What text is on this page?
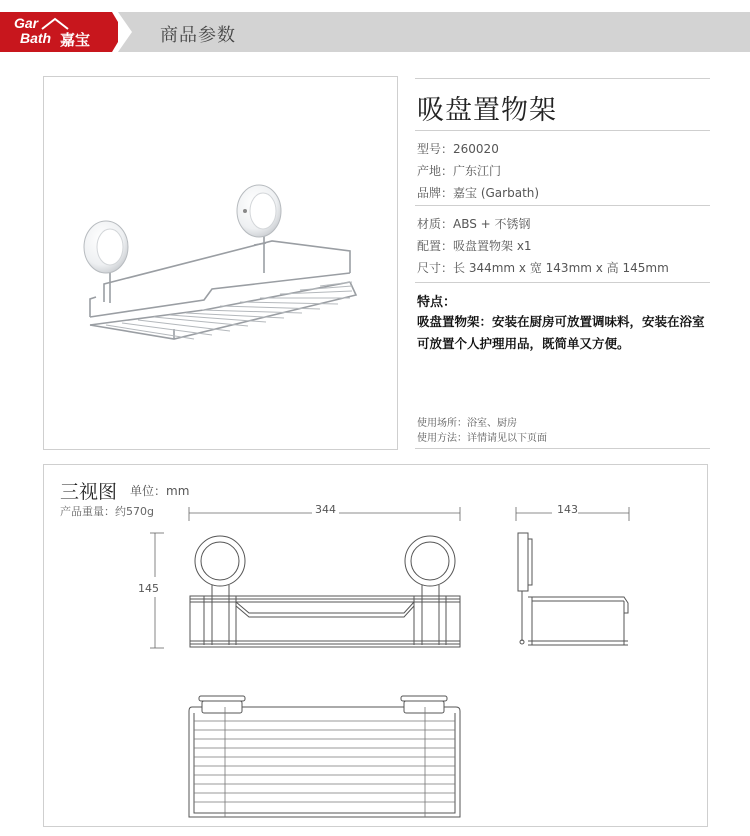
Gar
Bath 嘉宝	商品参数
吸盘置物架
型号：260020
产地：广东江门
品牌：嘉宝 (Garbath)
材质：ABS + 不锈钢
配置：吸盘置物架 x1
尺寸：长 344mm x 宽 143mm x 高 145mm
特点：
吸盘置物架：安装在厨房可放置调味料，安装在浴室可放置个人护理用品，既简单又方便。
使用场所：浴室、厨房
使用方法：详情请见以下页面
三视图 单位：mm
产品重量：约570g	344
145
143
